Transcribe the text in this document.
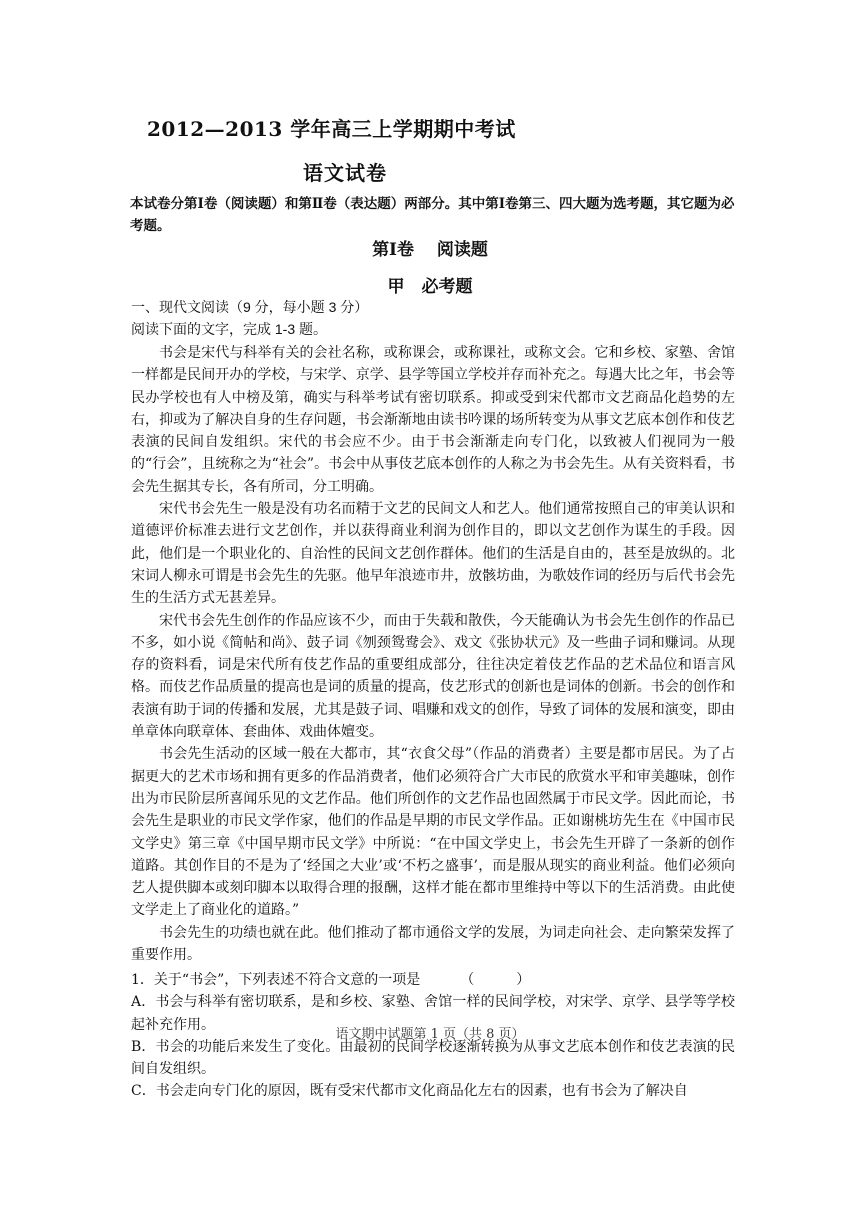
2012—2013 学年高三上学期期中考试
语文试卷
本试卷分第Ⅰ卷（阅读题）和第Ⅱ卷（表达题）两部分。其中第Ⅰ卷第三、四大题为选考题，其它题为必考题。
第Ⅰ卷　 阅读题
甲　必考题
一、现代文阅读（9 分，每小题 3 分）
阅读下面的文字，完成 1-3 题。

书会是宋代与科举有关的会社名称，或称课会，或称课社，或称文会。它和乡校、家塾、舍馆一样都是民间开办的学校，与宋学、京学、县学等国立学校并存而补充之。每遇大比之年，书会等民办学校也有人中榜及第，确实与科举考试有密切联系。抑或受到宋代都市文艺商品化趋势的左右，抑或为了解决自身的生存问题，书会渐渐地由读书吟课的场所转变为从事文艺底本创作和伎艺表演的民间自发组织。宋代的书会应不少。由于书会渐渐走向专门化，以致被人们视同为一般的“行会”，且统称之为“社会”。书会中从事伎艺底本创作的人称之为书会先生。从有关资料看，书会先生据其专长，各有所司，分工明确。

宋代书会先生一般是没有功名而精于文艺的民间文人和艺人。他们通常按照自己的审美认识和道德评价标准去进行文艺创作，并以获得商业利润为创作目的，即以文艺创作为谋生的手段。因此，他们是一个职业化的、自治性的民间文艺创作群体。他们的生活是自由的，甚至是放纵的。北宋词人柳永可谓是书会先生的先驱。他早年浪迹市井，放骸坊曲，为歌妓作词的经历与后代书会先生的生活方式无甚差异。

宋代书会先生创作的作品应该不少，而由于失载和散佚，今天能确认为书会先生创作的作品已不多，如小说《简帖和尚》、鼓子词《刎颈鸳鸯会》、戏文《张协状元》及一些曲子词和赚词。从现存的资料看，词是宋代所有伎艺作品的重要组成部分，往往决定着伎艺作品的艺术品位和语言风格。而伎艺作品质量的提高也是词的质量的提高，伎艺形式的创新也是词体的创新。书会的创作和表演有助于词的传播和发展，尤其是鼓子词、唱赚和戏文的创作，导致了词体的发展和演变，即由单章体向联章体、套曲体、戏曲体嬗变。

书会先生活动的区域一般在大都市，其“衣食父母”（作品的消费者）主要是都市居民。为了占据更大的艺术市场和拥有更多的作品消费者，他们必须符合广大市民的欣赏水平和审美趣味，创作出为市民阶层所喜闻乐见的文艺作品。他们所创作的文艺作品也固然属于市民文学。因此而论，书会先生是职业的市民文学作家，他们的作品是早期的市民文学作品。正如谢桃坊先生在《中国市民文学史》第三章《中国早期市民文学》中所说：“在中国文学史上，书会先生开辟了一条新的创作道路。其创作目的不是为了‘经国之大业’或‘不朽之盛事’，而是服从现实的商业利益。他们必须向艺人提供脚本或刻印脚本以取得合理的报酬，这样才能在都市里维持中等以下的生活消费。由此使文学走上了商业化的道路。”

书会先生的功绩也就在此。他们推动了都市通俗文学的发展，为词走向社会、走向繁荣发挥了重要作用。

1．关于“书会”，下列表述不符合文意的一项是	（　　　）

A．书会与科举有密切联系，是和乡校、家塾、舍馆一样的民间学校，对宋学、京学、县学等学校起补充作用。

B．书会的功能后来发生了变化。由最初的民间学校逐渐转换为从事文艺底本创作和伎艺表演的民间自发组织。

C．书会走向专门化的原因，既有受宋代都市文化商品化左右的因素，也有书会为了解决自

语文期中试题第 1 页（共 8 页）
